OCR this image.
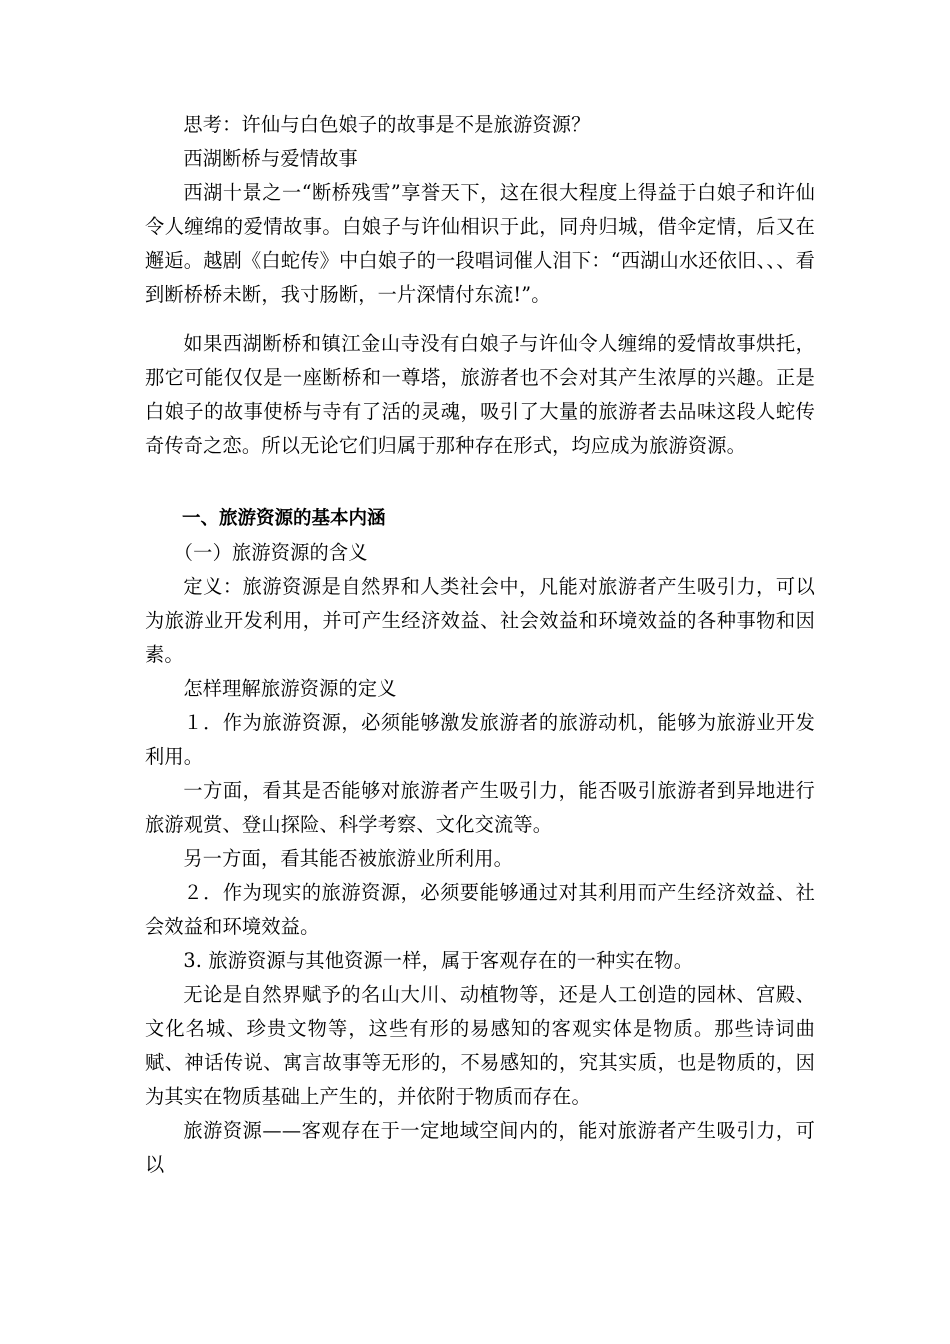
思考：许仙与白色娘子的故事是不是旅游资源？

西湖断桥与爱情故事

西湖十景之一“断桥残雪”享誉天下，这在很大程度上得益于白娘子和许仙令人缠绵的爱情故事。白娘子与许仙相识于此，同舟归城，借伞定情，后又在邂逅。越剧《白蛇传》中白娘子的一段唱词催人泪下：“西湖山水还依旧、、、看到断桥桥未断，我寸肠断，一片深情付东流!”。

如果西湖断桥和镇江金山寺没有白娘子与许仙令人缠绵的爱情故事烘托，那它可能仅仅是一座断桥和一尊塔，旅游者也不会对其产生浓厚的兴趣。正是白娘子的故事使桥与寺有了活的灵魂，吸引了大量的旅游者去品味这段人蛇传奇传奇之恋。所以无论它们归属于那种存在形式，均应成为旅游资源。

一、旅游资源的基本内涵

（一）旅游资源的含义

定义：旅游资源是自然界和人类社会中，凡能对旅游者产生吸引力，可以为旅游业开发利用，并可产生经济效益、社会效益和环境效益的各种事物和因素。

怎样理解旅游资源的定义

１．作为旅游资源，必须能够激发旅游者的旅游动机，能够为旅游业开发利用。

一方面，看其是否能够对旅游者产生吸引力，能否吸引旅游者到异地进行旅游观赏、登山探险、科学考察、文化交流等。

另一方面，看其能否被旅游业所利用。

２．作为现实的旅游资源，必须要能够通过对其利用而产生经济效益、社会效益和环境效益。

3. 旅游资源与其他资源一样，属于客观存在的一种实在物。

无论是自然界赋予的名山大川、动植物等，还是人工创造的园林、宫殿、文化名城、珍贵文物等，这些有形的易感知的客观实体是物质。那些诗词曲赋、神话传说、寓言故事等无形的，不易感知的，究其实质，也是物质的，因为其实在物质基础上产生的，并依附于物质而存在。

旅游资源——客观存在于一定地域空间内的，能对旅游者产生吸引力，可以
